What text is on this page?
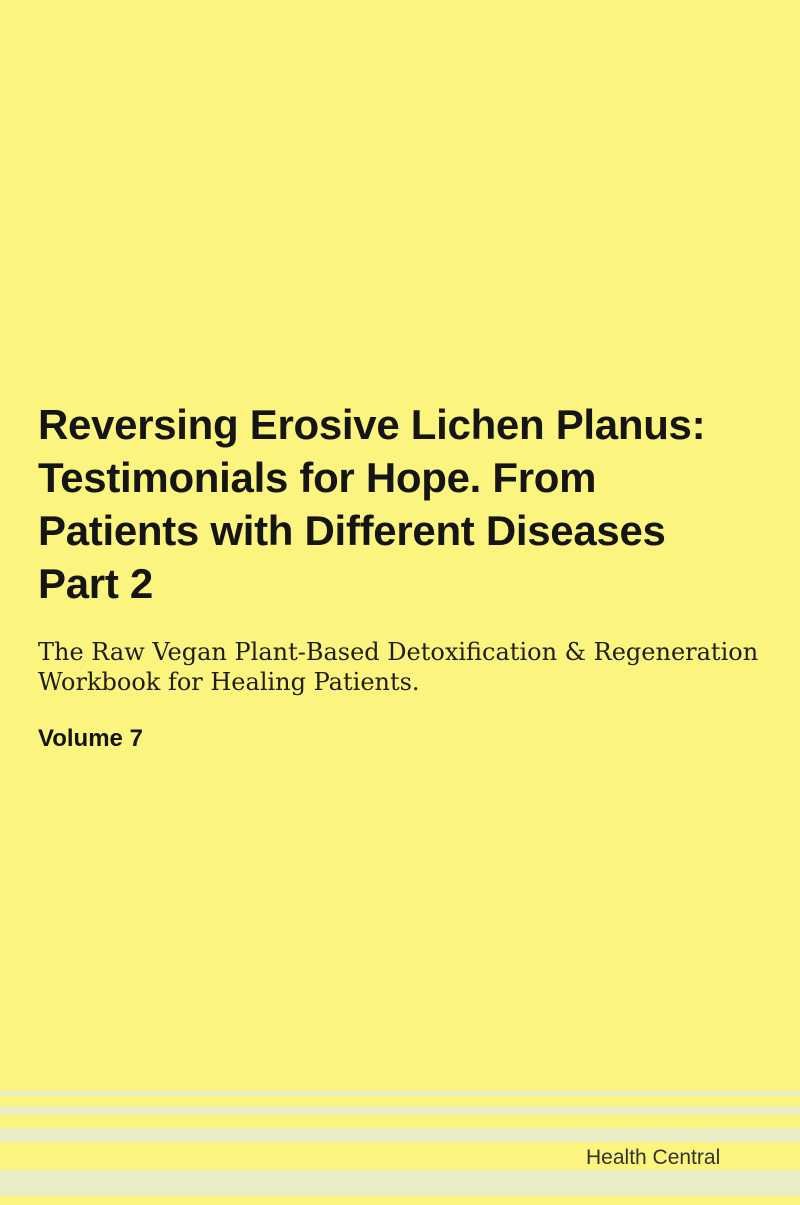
Reversing Erosive Lichen Planus:
Testimonials for Hope. From
Patients with Different Diseases
Part 2
The Raw Vegan Plant-Based Detoxification & Regeneration
Workbook for Healing Patients.
Volume 7
Health Central
